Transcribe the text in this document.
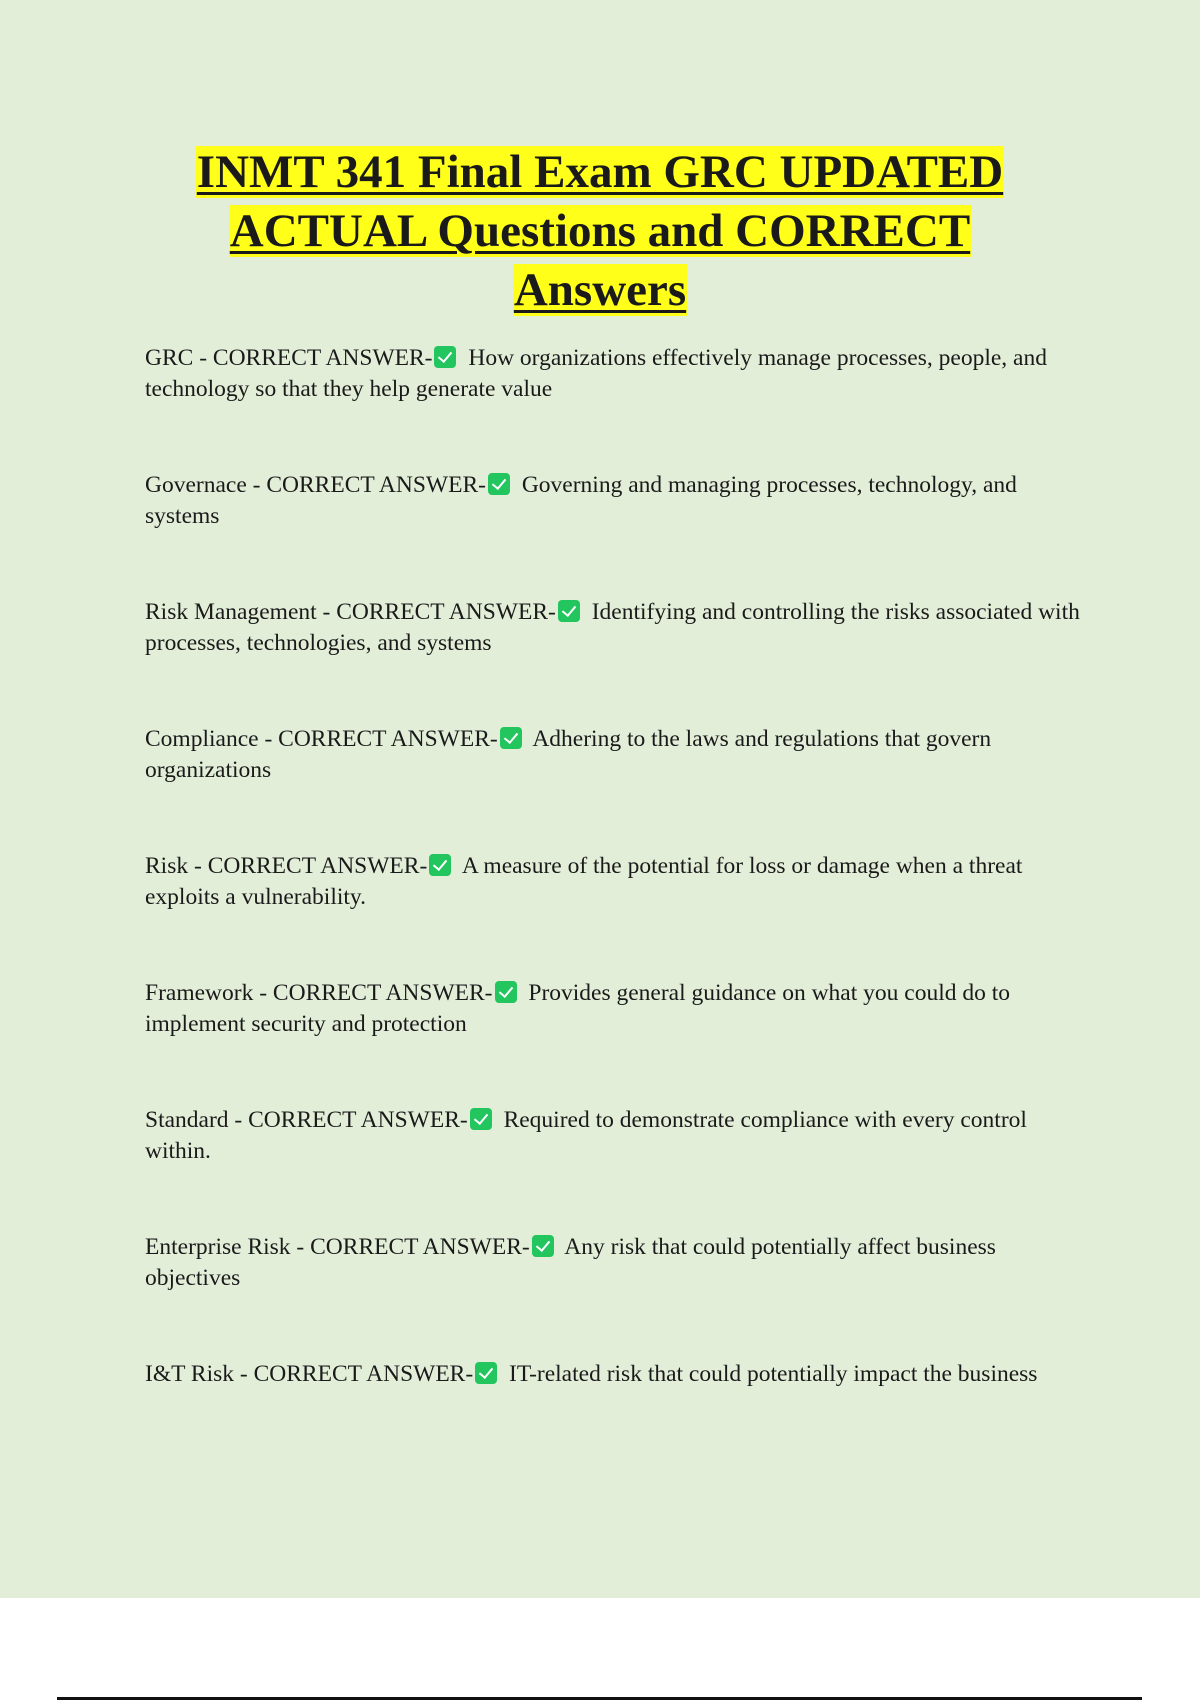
INMT 341 Final Exam GRC UPDATED
ACTUAL Questions and CORRECT
Answers
GRC - CORRECT ANSWER- How organizations effectively manage processes, people, and technology so that they help generate value
Governace - CORRECT ANSWER- Governing and managing processes, technology, and systems
Risk Management - CORRECT ANSWER- Identifying and controlling the risks associated with processes, technologies, and systems
Compliance - CORRECT ANSWER- Adhering to the laws and regulations that govern organizations
Risk - CORRECT ANSWER- A measure of the potential for loss or damage when a threat exploits a vulnerability.
Framework - CORRECT ANSWER- Provides general guidance on what you could do to implement security and protection
Standard - CORRECT ANSWER- Required to demonstrate compliance with every control within.
Enterprise Risk - CORRECT ANSWER- Any risk that could potentially affect business objectives
I&T Risk - CORRECT ANSWER- IT-related risk that could potentially impact the business
